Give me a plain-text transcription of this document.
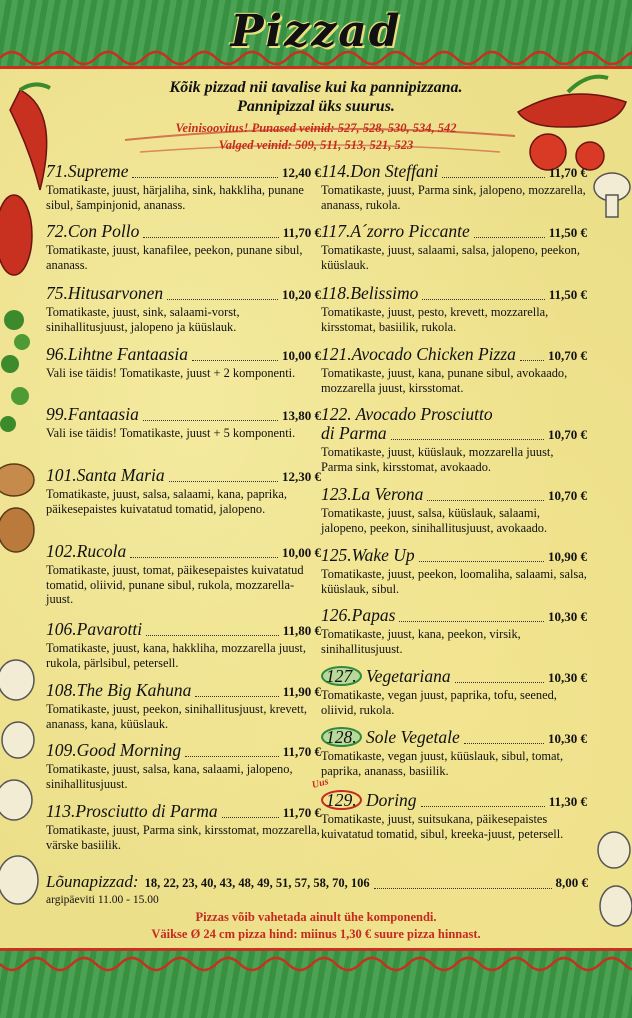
Pizzad
Kõik pizzad nii tavalise kui ka pannipizzana.
Pannipizzal üks suurus.
Veinisoovitus! Punased veinid: 527, 528, 530, 534, 542
Valged veinid: 509, 511, 513, 521, 523
71.Supreme	12,40 €
Tomatikaste, juust, härjaliha, sink, hakkliha, punane sibul, šampinjonid, ananass.
72.Con Pollo	11,70 €
Tomatikaste, juust, kanafilee, peekon, punane sibul, ananass.
75.Hitusarvonen	10,20 €
Tomatikaste, juust, sink, salaami-vorst, sinihallitusjuust, jalopeno ja küüslauk.
96.Lihtne Fantaasia	10,00 €
Vali ise täidis! Tomatikaste, juust + 2 komponenti.
99.Fantaasia	13,80 €
Vali ise täidis! Tomatikaste, juust + 5 komponenti.
101.Santa Maria	12,30 €
Tomatikaste, juust, salsa, salaami, kana, paprika, päikesepaistes kuivatatud tomatid, jalopeno.
102.Rucola	10,00 €
Tomatikaste, juust, tomat, päikesepaistes kuivatatud tomatid, oliivid, punane sibul, rukola, mozzarella-juust.
106.Pavarotti	11,80 €
Tomatikaste, juust, kana, hakkliha, mozzarella juust, rukola, pärlsibul, petersell.
108.The Big Kahuna	11,90 €
Tomatikaste, juust, peekon, sinihallitusjuust, krevett, ananass, kana, küüslauk.
109.Good Morning	11,70 €
Tomatikaste, juust, salsa, kana, salaami, jalopeno, sinihallitusjuust.
113.Prosciutto di Parma	11,70 €
Tomatikaste, juust, Parma sink, kirsstomat, mozzarella, värske basiilik.
114.Don Steffani	11,70 €
Tomatikaste, juust, Parma sink, jalopeno, mozzarella, ananass, rukola.
117.A´zorro Piccante	11,50 €
Tomatikaste, juust, salaami, salsa, jalopeno, peekon, küüslauk.
118.Belissimo	11,50 €
Tomatikaste, juust, pesto, krevett, mozzarella, kirsstomat, basiilik, rukola.
121.Avocado Chicken Pizza 10,70 €
Tomatikaste, juust, kana, punane sibul, avokaado, mozzarella juust, kirsstomat.
122. Avocado Prosciutto
di Parma	10,70 €
Tomatikaste, juust, küüslauk, mozzarella juust, Parma sink, kirsstomat, avokaado.
123.La Verona	10,70 €
Tomatikaste, juust, salsa, küüslauk, salaami, jalopeno, peekon, sinihallitusjuust, avokaado.
125.Wake Up	10,90 €
Tomatikaste, juust, peekon, loomaliha, salaami, salsa, küüslauk, sibul.
126.Papas	10,30 €
Tomatikaste, juust, kana, peekon, virsik, sinihallitusjuust.
127.
Vegetariana	10,30 €
Tomatikaste, vegan juust, paprika, tofu, seened, oliivid, rukola.
128.
Sole Vegetale	10,30 €
Tomatikaste, vegan juust, küüslauk, sibul, tomat, paprika, ananass, basiilik.
Uus
129.
Doring	11,30 €
Tomatikaste, juust, suitsukana, päikesepaistes kuivatatud tomatid, sibul, kreeka-juust, petersell.
Lõunapizzad: 18, 22, 23, 40, 43, 48, 49, 51, 57, 58, 70, 106	8,00 €
argipäeviti 11.00 - 15.00
Pizzas võib vahetada ainult ühe komponendi.
Väikse Ø 24 cm pizza hind: miinus 1,30 € suure pizza hinnast.
